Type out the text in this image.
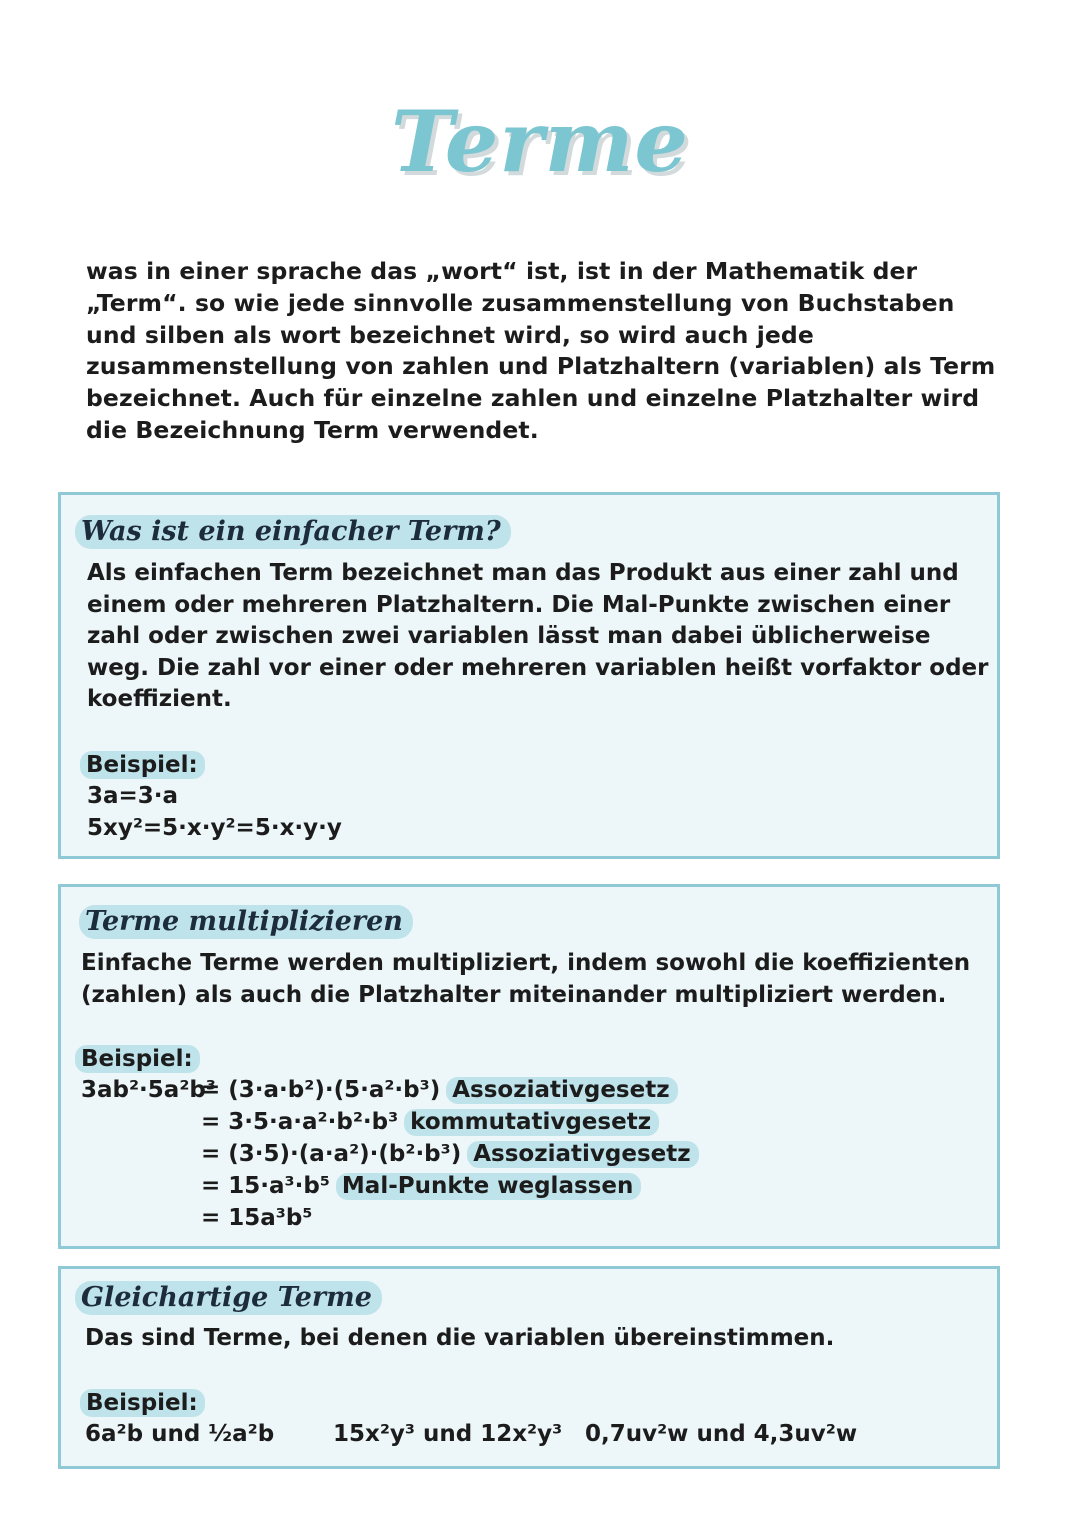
Terme
was in einer sprache das „wort“ ist, ist in der Mathematik der „Term“. so wie jede sinnvolle zusammenstellung von Buchstaben und silben als wort bezeichnet wird, so wird auch jede zusammenstellung von zahlen und Platzhaltern (variablen) als Term bezeichnet. Auch für einzelne zahlen und einzelne Platzhalter wird die Bezeichnung Term verwendet.
Was ist ein einfacher Term?
Als einfachen Term bezeichnet man das Produkt aus einer zahl und einem oder mehreren Platzhaltern. Die Mal-Punkte zwischen einer zahl oder zwischen zwei variablen lässt man dabei üblicherweise weg. Die zahl vor einer oder mehreren variablen heißt vorfaktor oder koeffizient.
Beispiel:
3a=3·a
5xy²=5·x·y²=5·x·y·y
Terme multiplizieren
Einfache Terme werden multipliziert, indem sowohl die koeffizienten (zahlen) als auch die Platzhalter miteinander multipliziert werden.
Beispiel:
3ab²·5a²b³
= (3·a·b²)·(5·a²·b³) Assoziativgesetz
= 3·5·a·a²·b²·b³ kommutativgesetz
= (3·5)·(a·a²)·(b²·b³) Assoziativgesetz
= 15·a³·b⁵ Mal-Punkte weglassen
= 15a³b⁵
Gleichartige Terme
Das sind Terme, bei denen die variablen übereinstimmen.
Beispiel:
6a²b und ½a²b	15x²y³ und 12x²y³ 0,7uv²w und 4,3uv²w
